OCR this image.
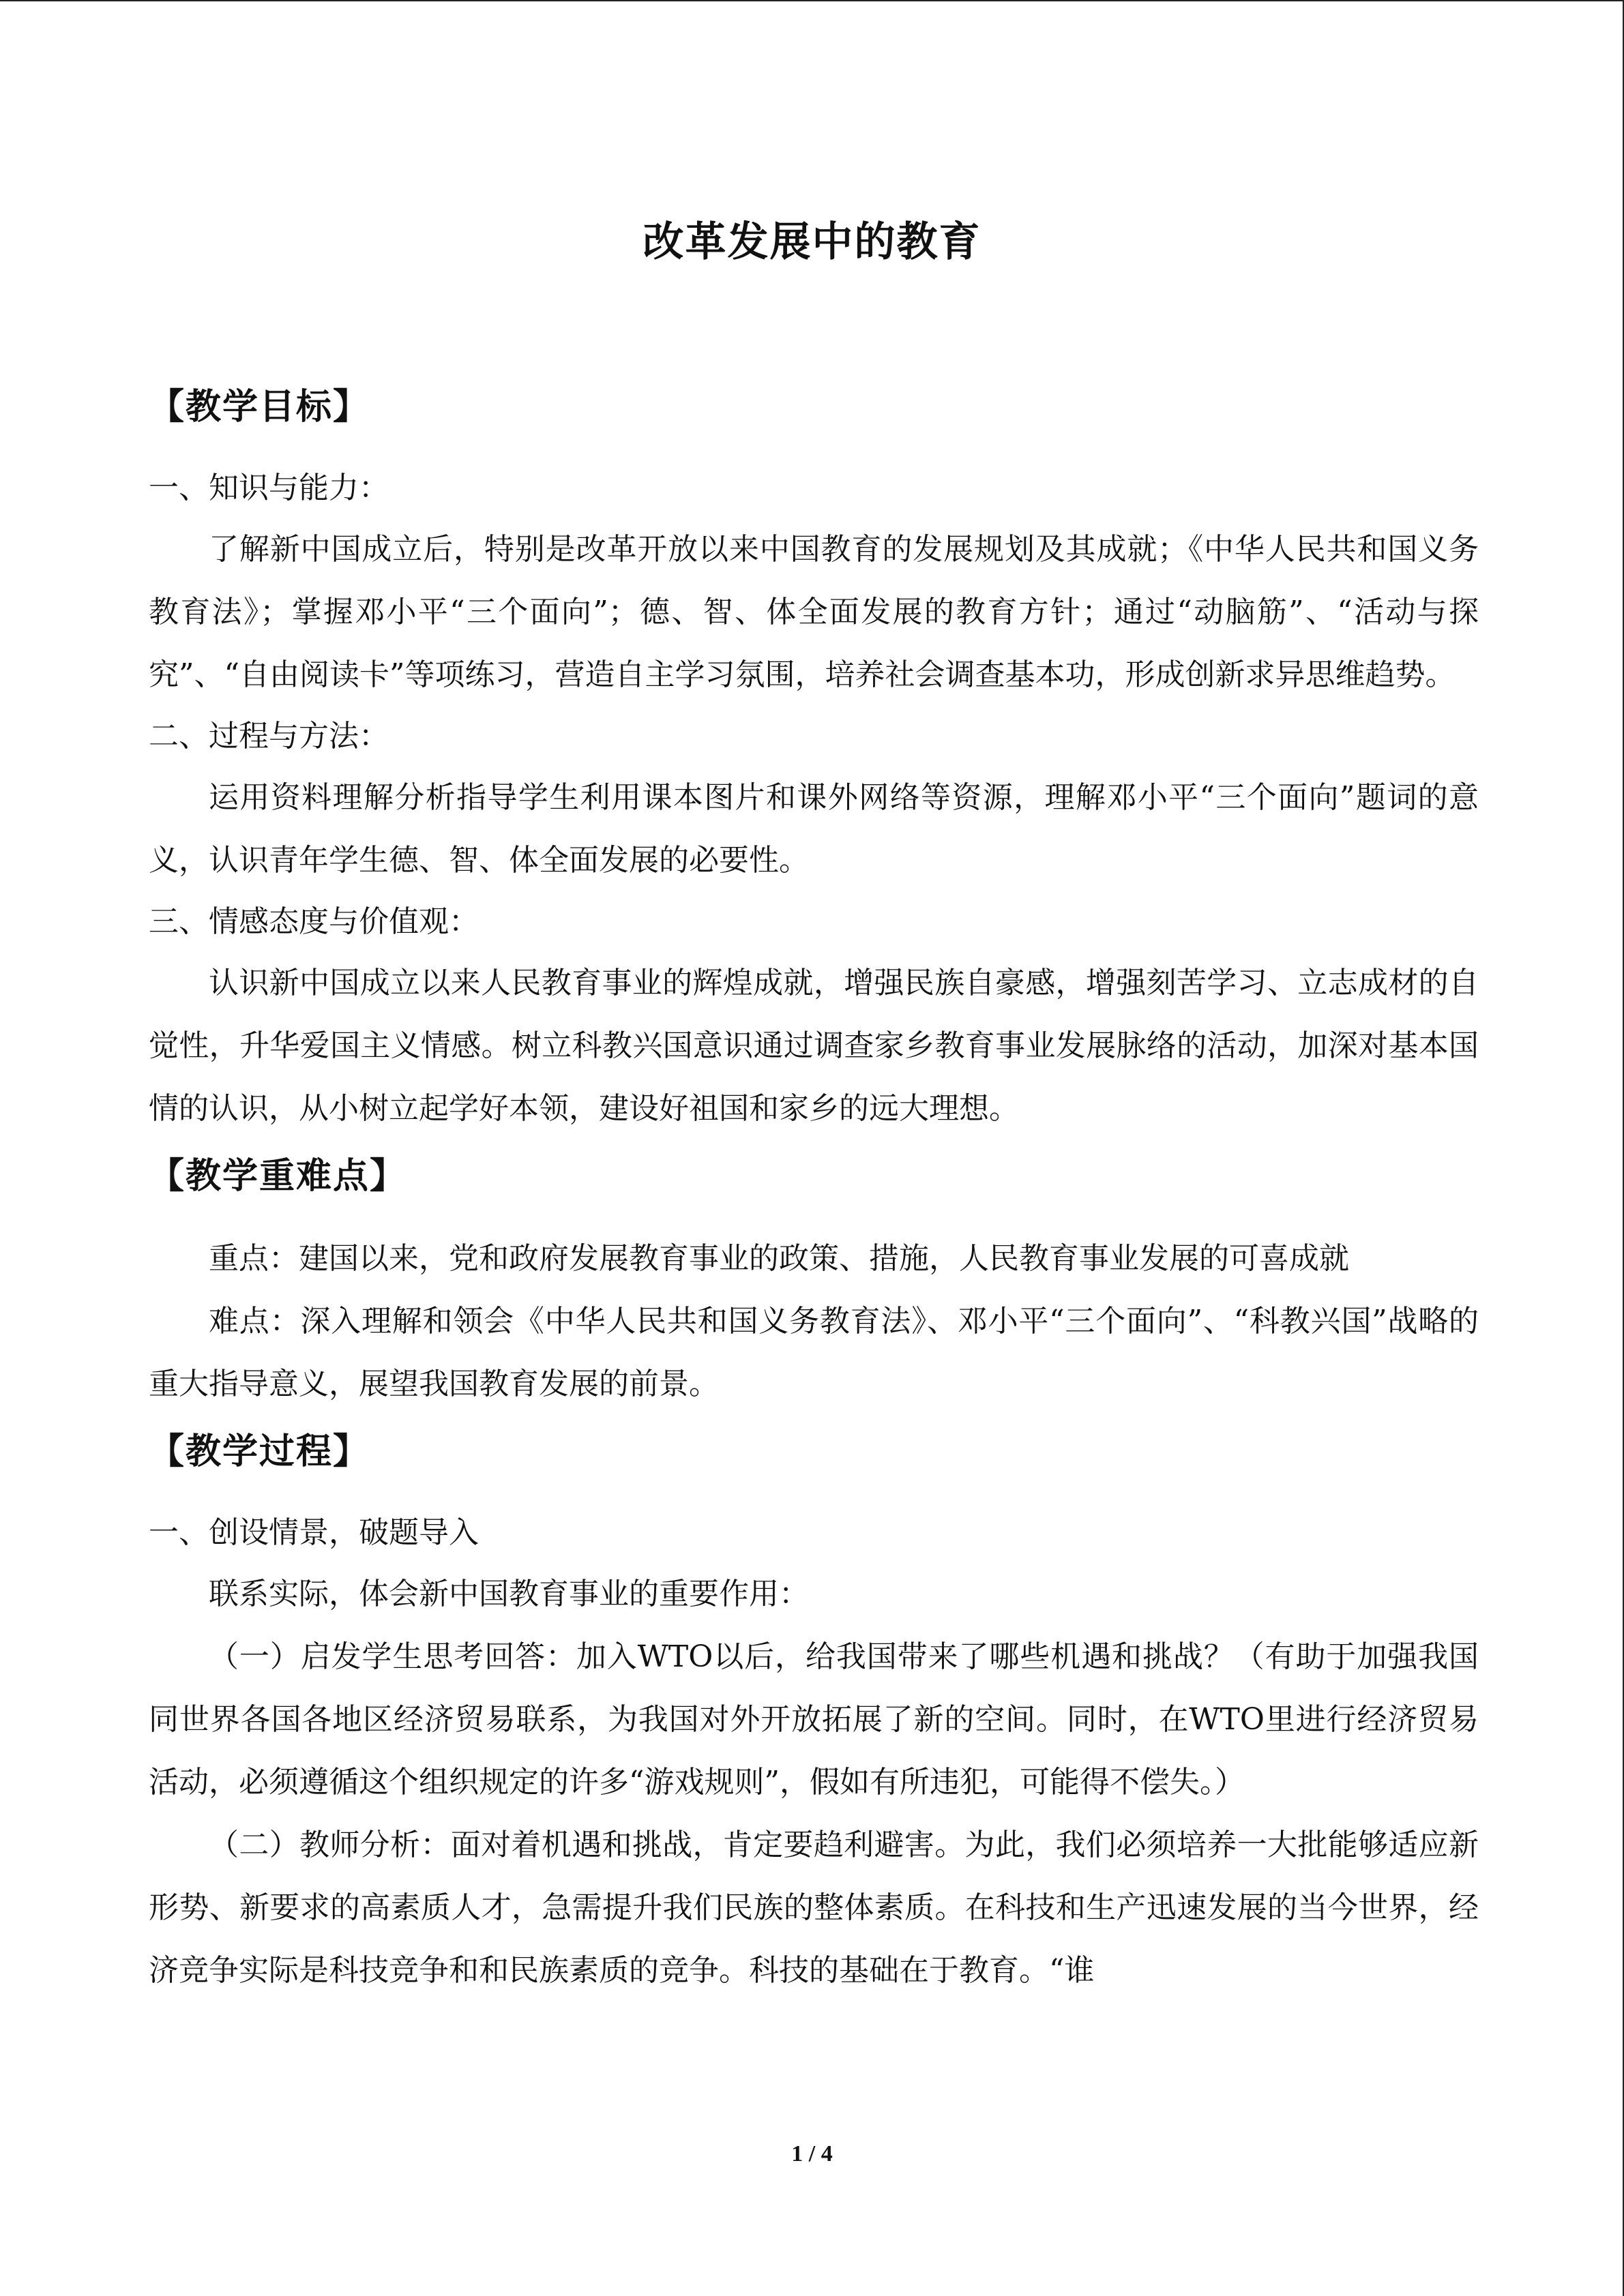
改革发展中的教育
【教学目标】

一、知识与能力：

了解新中国成立后，特别是改革开放以来中国教育的发展规划及其成就；《中华人民共和国义务教育法》；掌握邓小平“三个面向”；德、智、体全面发展的教育方针；通过“动脑筋”、“活动与探究”、“自由阅读卡”等项练习，营造自主学习氛围，培养社会调查基本功，形成创新求异思维趋势。

二、过程与方法：

运用资料理解分析指导学生利用课本图片和课外网络等资源，理解邓小平“三个面向”题词的意义，认识青年学生德、智、体全面发展的必要性。

三、情感态度与价值观：

认识新中国成立以来人民教育事业的辉煌成就，增强民族自豪感，增强刻苦学习、立志成材的自觉性，升华爱国主义情感。树立科教兴国意识通过调查家乡教育事业发展脉络的活动，加深对基本国情的认识，从小树立起学好本领，建设好祖国和家乡的远大理想。

【教学重难点】

重点：建国以来，党和政府发展教育事业的政策、措施，人民教育事业发展的可喜成就

难点：深入理解和领会《中华人民共和国义务教育法》、邓小平“三个面向”、“科教兴国”战略的重大指导意义，展望我国教育发展的前景。

【教学过程】

一、创设情景，破题导入

联系实际，体会新中国教育事业的重要作用：

（一）启发学生思考回答：加入WTO以后，给我国带来了哪些机遇和挑战？（有助于加强我国同世界各国各地区经济贸易联系，为我国对外开放拓展了新的空间。同时，在WTO里进行经济贸易活动，必须遵循这个组织规定的许多“游戏规则”，假如有所违犯，可能得不偿失。）

（二）教师分析：面对着机遇和挑战，肯定要趋利避害。为此，我们必须培养一大批能够适应新形势、新要求的高素质人才，急需提升我们民族的整体素质。在科技和生产迅速发展的当今世界，经济竞争实际是科技竞争和和民族素质的竞争。科技的基础在于教育。“谁

1 / 4
